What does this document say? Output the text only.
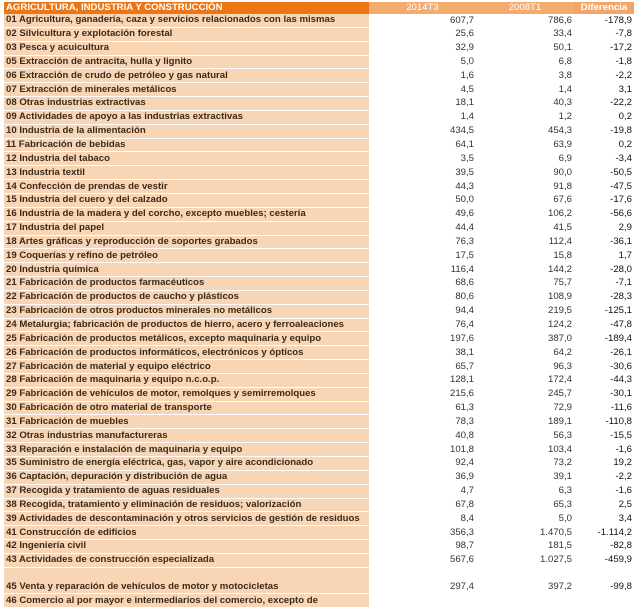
AGRICULTURA, INDUSTRIA Y CONSTRUCCIÓN	2014T3	2008T1	Diferencia
01 Agricultura, ganadería, caza y servicios relacionados con las mismas	607,7	786,6	-178,9
02 Silvicultura y explotación forestal	25,6	33,4	-7,8
03 Pesca y acuicultura	32,9	50,1	-17,2
05 Extracción de antracita, hulla y lignito	5,0	6,8	-1,8
06 Extracción de crudo de petróleo y gas natural	1,6	3,8	-2,2
07 Extracción de minerales metálicos	4,5	1,4	3,1
08 Otras industrias extractivas	18,1	40,3	-22,2
09 Actividades de apoyo a las industrias extractivas	1,4	1,2	0,2
10 Industria de la alimentación	434,5	454,3	-19,8
11 Fabricación de bebidas	64,1	63,9	0,2
12 Industria del tabaco	3,5	6,9	-3,4
13 Industria textil	39,5	90,0	-50,5
14 Confección de prendas de vestir	44,3	91,8	-47,5
15 Industria del cuero y del calzado	50,0	67,6	-17,6
16 Industria de la madera y del corcho, excepto muebles; cestería	49,6	106,2	-56,6
17 Industria del papel	44,4	41,5	2,9
18 Artes gráficas y reproducción de soportes grabados	76,3	112,4	-36,1
19 Coquerías y refino de petróleo	17,5	15,8	1,7
20 Industria química	116,4	144,2	-28,0
21 Fabricación de productos farmacéuticos	68,6	75,7	-7,1
22 Fabricación de productos de caucho y plásticos	80,6	108,9	-28,3
23 Fabricación de otros productos minerales no metálicos	94,4	219,5	-125,1
24 Metalurgia; fabricación de productos de hierro, acero y ferroaleaciones	76,4	124,2	-47,8
25 Fabricación de productos metálicos, excepto maquinaria y equipo	197,6	387,0	-189,4
26 Fabricación de productos informáticos, electrónicos y ópticos	38,1	64,2	-26,1
27 Fabricación de material y equipo eléctrico	65,7	96,3	-30,6
28 Fabricación de maquinaria y equipo n.c.o.p.	128,1	172,4	-44,3
29 Fabricación de vehículos de motor, remolques y semirremolques	215,6	245,7	-30,1
30 Fabricación de otro material de transporte	61,3	72,9	-11,6
31 Fabricación de muebles	78,3	189,1	-110,8
32 Otras industrias manufactureras	40,8	56,3	-15,5
33 Reparación e instalación de maquinaria y equipo	101,8	103,4	-1,6
35 Suministro de energía eléctrica, gas, vapor y aire acondicionado	92,4	73,2	19,2
36 Captación, depuración y distribución de agua	36,9	39,1	-2,2
37 Recogida y tratamiento de aguas residuales	4,7	6,3	-1,6
38 Recogida, tratamiento y eliminación de residuos; valorización	67,8	65,3	2,5
39 Actividades de descontaminación y otros servicios de gestión de residuos	8,4	5,0	3,4
41 Construcción de edificios	356,3	1.470,5	-1.114,2
42 Ingeniería civil	98,7	181,5	-82,8
43 Actividades de construcción especializada	567,6	1.027,5	-459,9

45 Venta y reparación de vehículos de motor y motocicletas	297,4	397,2	-99,8
46 Comercio al por mayor e intermediarios del comercio, excepto de			
